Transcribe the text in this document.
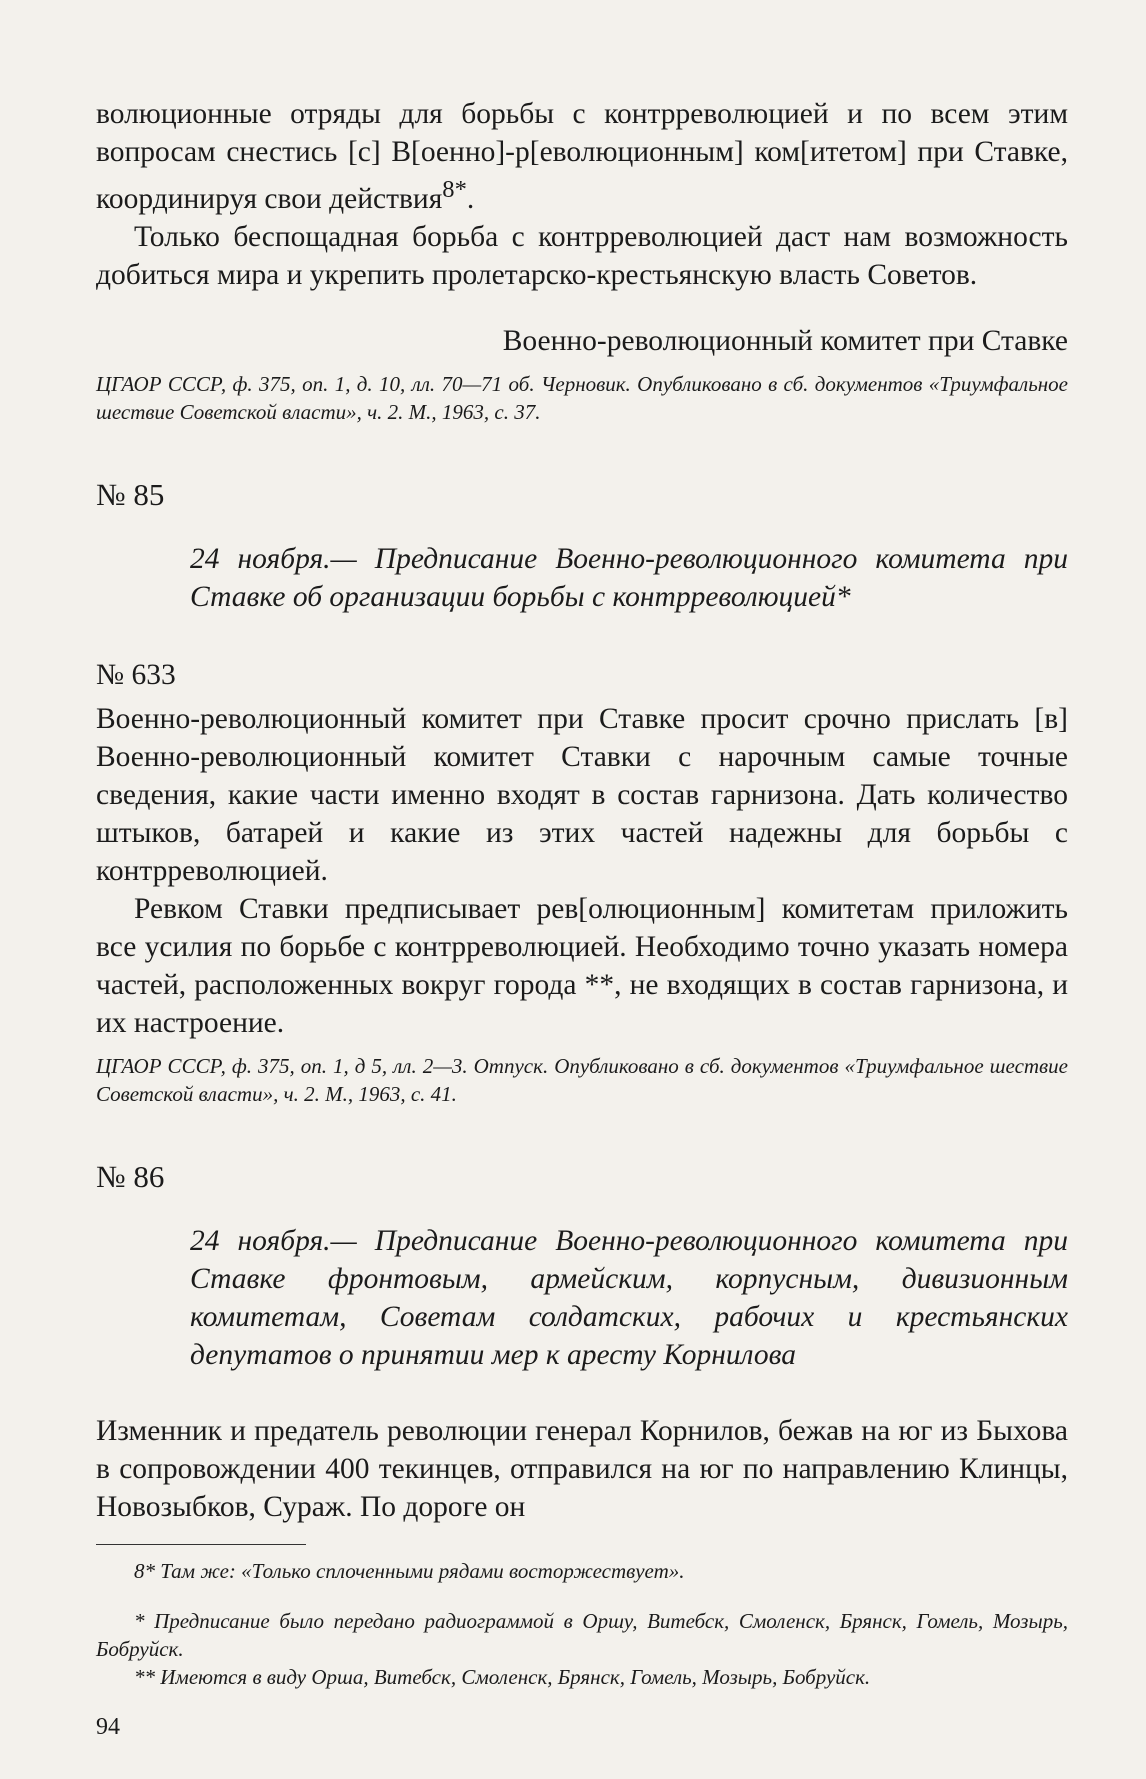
волюционные отряды для борьбы с контрреволюцией и по всем этим вопросам снестись [с] В[оенно]-р[еволюционным] ком[итетом] при Ставке, координируя свои действия$^{8*}$.

Только беспощадная борьба с контрреволюцией даст нам возможность добиться мира и укрепить пролетарско-крестьянскую власть Советов.

Военно-революционный комитет при Ставке

ЦГАОР СССР, ф. 375, оп. 1, д. 10, лл. 70—71 об. Черновик. Опубликовано в сб. документов «Триумфальное шествие Советской власти», ч. 2. М., 1963, с. 37.

№ 85

24 ноября.— Предписание Военно-революционного комитета при Ставке об организации борьбы с контрреволюцией*

№ 633

Военно-революционный комитет при Ставке просит срочно прислать [в] Военно-революционный комитет Ставки с нарочным самые точные сведения, какие части именно входят в состав гарнизона. Дать количество штыков, батарей и какие из этих частей надежны для борьбы с контрреволюцией.

Ревком Ставки предписывает рев[олюционным] комитетам приложить все усилия по борьбе с контрреволюцией. Необходимо точно указать номера частей, расположенных вокруг города **, не входящих в состав гарнизона, и их настроение.

ЦГАОР СССР, ф. 375, оп. 1, д 5, лл. 2—3. Отпуск. Опубликовано в сб. документов «Триумфальное шествие Советской власти», ч. 2. М., 1963, с. 41.

№ 86

24 ноября.— Предписание Военно-революционного комитета при Ставке фронтовым, армейским, корпусным, дивизионным комитетам, Советам солдатских, рабочих и крестьянских депутатов о принятии мер к аресту Корнилова

Изменник и предатель революции генерал Корнилов, бежав на юг из Быхова в сопровождении 400 текинцев, отправился на юг по направлению Клинцы, Новозыбков, Сураж. По дороге он

8* Там же: «Только сплоченными рядами восторжествует».

* Предписание было передано радиограммой в Оршу, Витебск, Смоленск, Брянск, Гомель, Мозырь, Бобруйск.

** Имеются в виду Орша, Витебск, Смоленск, Брянск, Гомель, Мозырь, Бобруйск.

94
